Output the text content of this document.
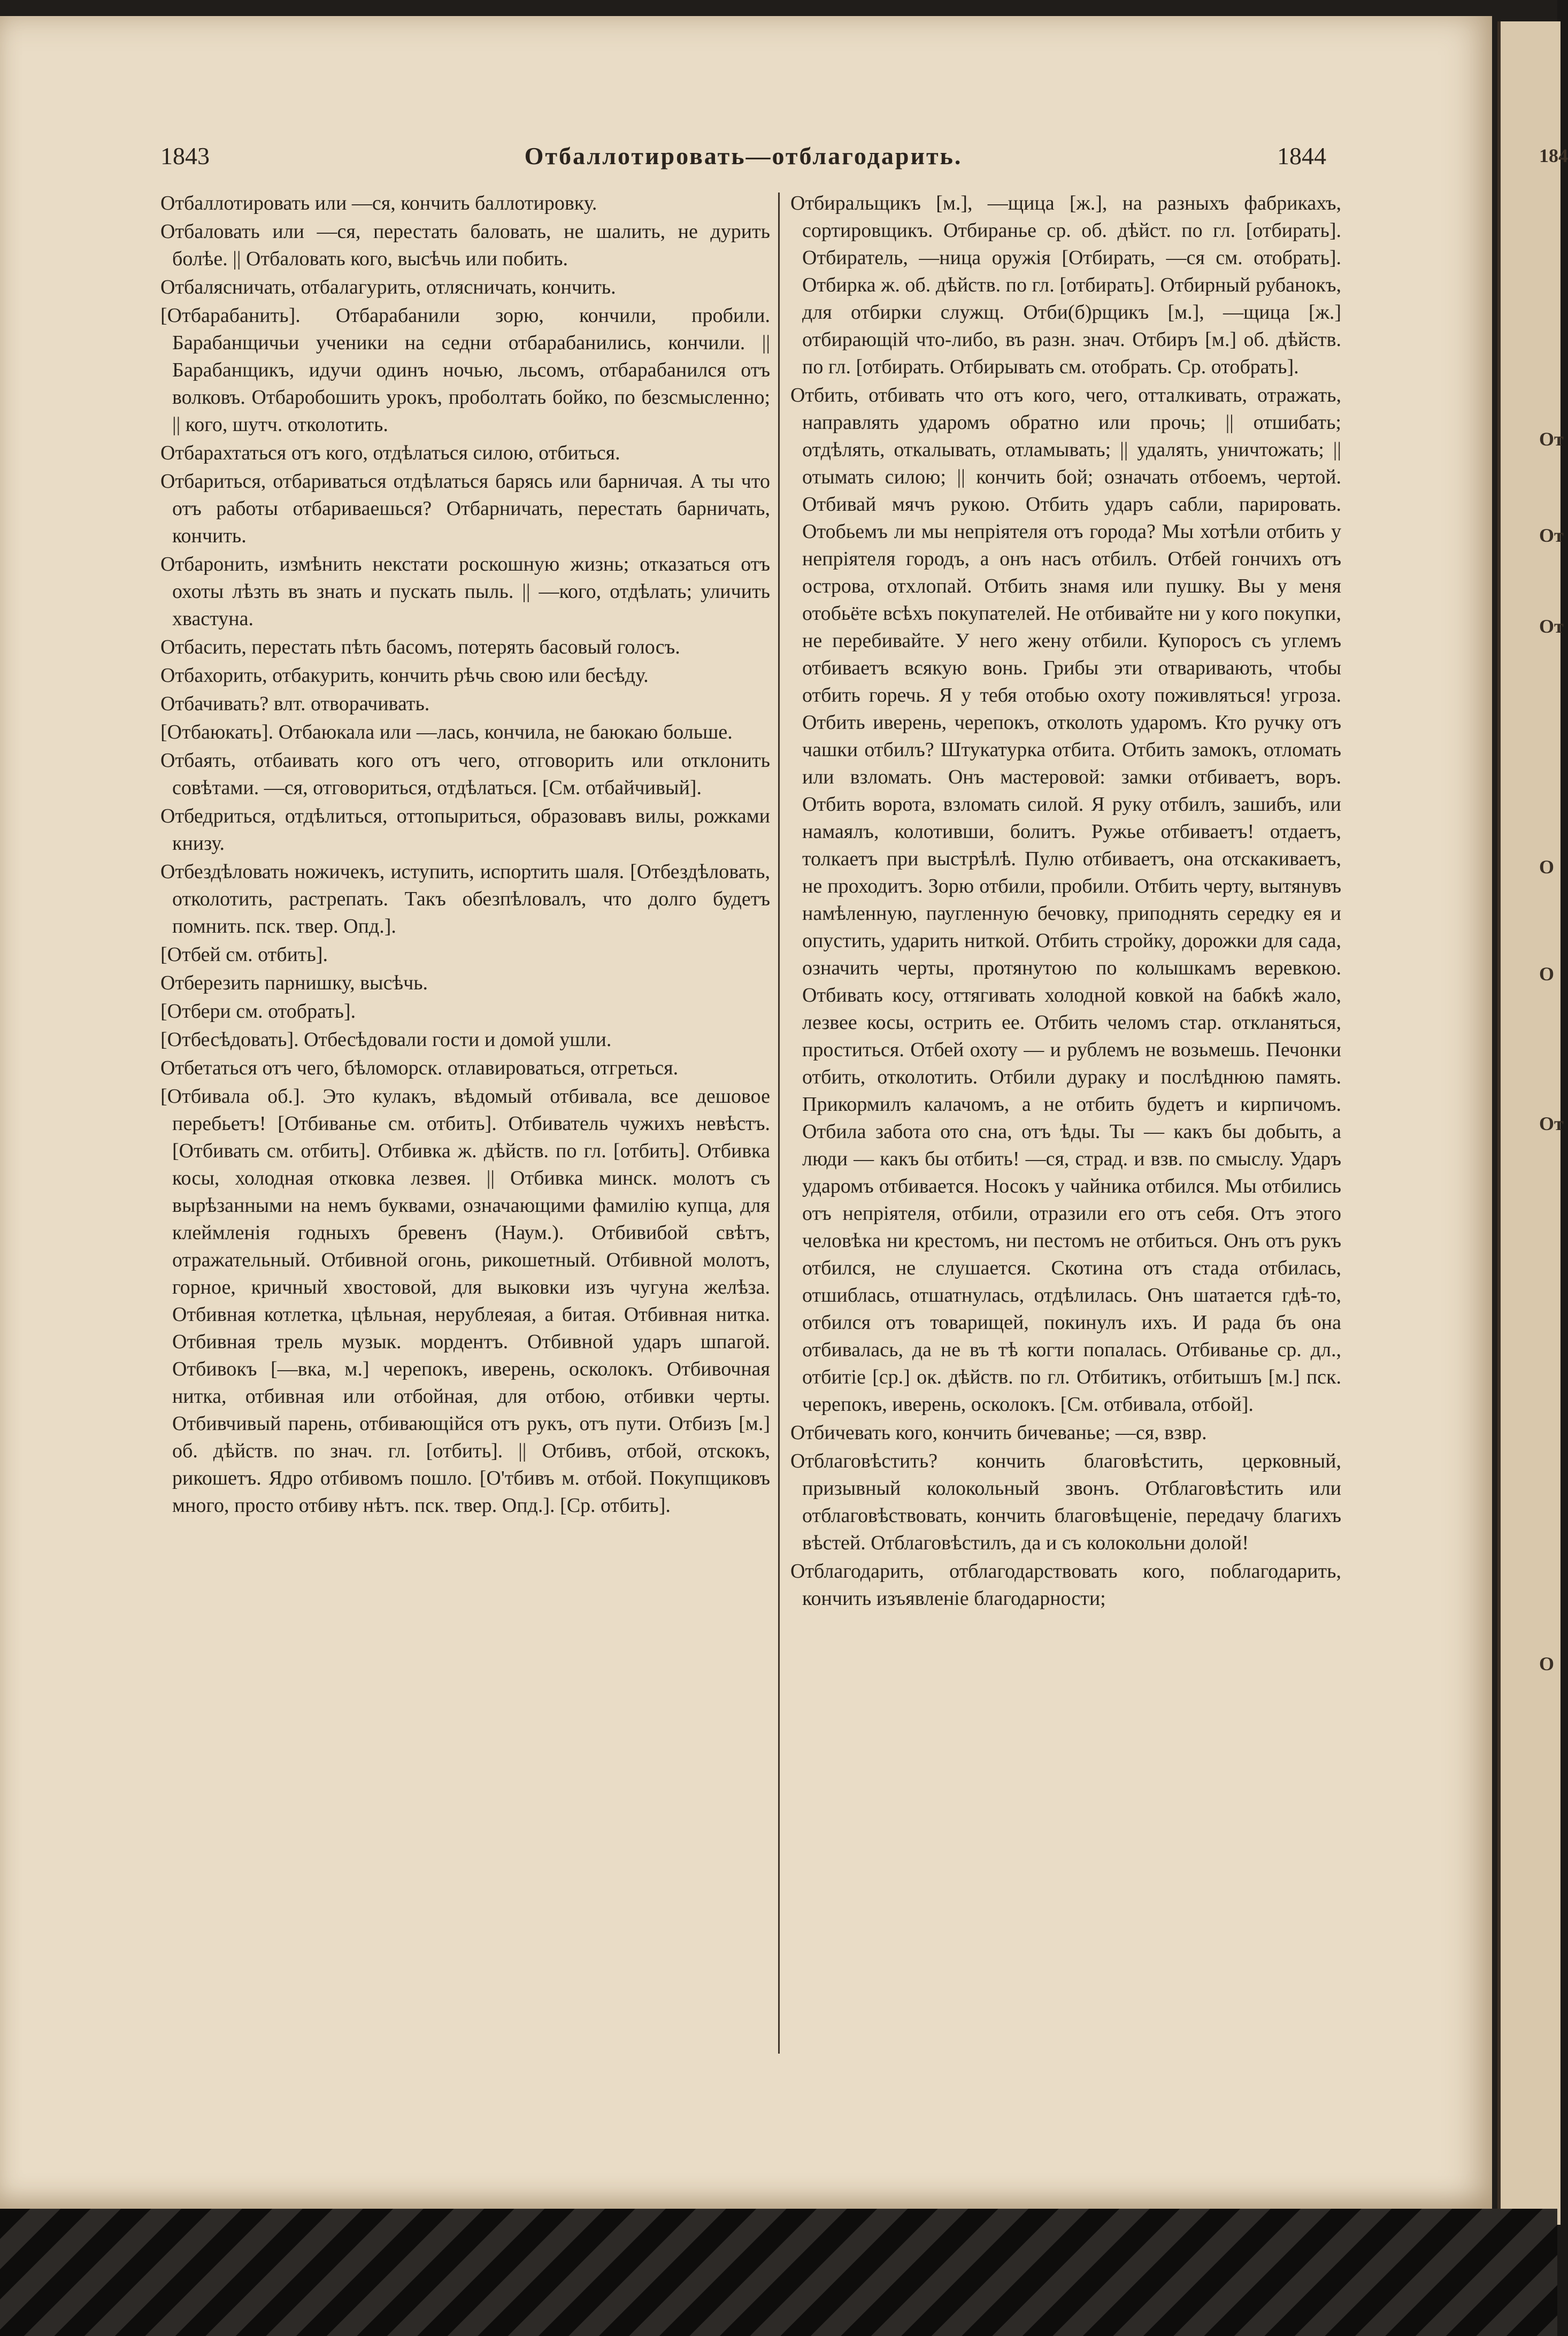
184
От
От
От
О
О
От
О
1843	Отбаллотировать—отблагодарить.	1844

Отбаллотировать или —ся, кончить баллотировку.

Отбаловать или —ся, перестать баловать, не шалить, не дурить болѣе. || Отбаловать кого, высѣчь или побить.

Отбалясничать, отбалагурить, отлясничать, кончить.

[Отбарабанить]. Отбарабанили зорю, кончили, пробили. Барабанщичьи ученики на седни отбарабанились, кончили. || Барабанщикъ, идучи одинъ ночью, льсомъ, отбарабанился отъ волковъ. Отбаробошить урокъ, пробoлтать бойко, по безсмысленно; || кого, шутч. отколотить.

Отбарахтаться отъ кого, отдѣлаться силою, отбиться.

Отбариться, отбариваться отдѣлаться барясь или барничая. А ты что отъ работы отбариваешься? Отбарничать, перестать барничать, кончить.

Отбаронить, измѣнить некстати роскошную жизнь; отказаться отъ охоты лѣзть въ знать и пускать пыль. || —кого, отдѣлать; уличить хвастуна.

Отбасить, перестать пѣть басомъ, потерять басовый голосъ.

Отбахорить, отбакурить, кончить рѣчь свою или бесѣду.

Отбачивать? влт. отворачивать.

[Отбаюкать]. Отбаюкала или —лась, кончила, не баюкаю больше.

Отбаять, отбаивать кого отъ чего, отговорить или отклонить совѣтами. —ся, отговориться, отдѣлаться. [См. отбайчивый].

Отбедриться, отдѣлиться, оттопыриться, образовавъ вилы, рожками книзу.

Отбездѣловать ножичекъ, иступить, испортить шаля. [Отбездѣловать, отколотить, растрепать. Такъ обезпѣловалъ, что долго будетъ помнить. пск. твер. Опд.].

[Отбей см. отбить].

Отберезить парнишку, высѣчь.

[Отбери см. отобрать].

[Отбесѣдовать]. Отбесѣдовали гости и домой ушли.

Отбетаться отъ чего, бѣломорск. отлавироваться, отгреться.

[Отбивала об.]. Это кулакъ, вѣдомый отбивала, все дешовое перебьетъ! [Отбиванье см. отбить]. Отбиватель чужихъ невѣстъ. [Отбивать см. отбить]. Отбивка ж. дѣйств. по гл. [отбить]. Отбивка косы, холодная отковка лезвея. || Отбивка минск. молотъ съ вырѣзанными на немъ буквами, означающими фамилію купца, для клеймленія годныхъ бревенъ (Наум.). Отбивибой свѣтъ, отражательный. Отбивной огонь, рикошетный. Отбивной молотъ, горное, кричный хвостовой, для выковки изъ чугуна желѣза. Отбивная котлетка, цѣльная, нерублеяая, а битая. Отбивная нитка. Отбивная трель музык. мордентъ. Отбивной ударъ шпагой. Отбивокъ [—вка, м.] черепокъ, иверень, осколокъ. Отбивочная нитка, отбивная или отбойная, для отбою, отбивки черты. Отбивчивый парень, отбивающійся отъ рукъ, отъ пути. Отбизъ [м.] об. дѣйств. по знач. гл. [отбить]. || Отбивъ, отбой, отскокъ, рикошетъ. Ядро отбивомъ пошло. [О'тбивъ м. отбой. Покупщиковъ много, просто отбиву нѣтъ. пск. твер. Опд.]. [Ср. отбить].

Отбиральщикъ [м.], —щица [ж.], на разныхъ фабрикахъ, сортировщикъ. Отбиранье ср. об. дѣйст. по гл. [отбирать]. Отбиратель, —ница оружія [Отбирать, —ся см. отобрать]. Отбирка ж. об. дѣйств. по гл. [отбирать]. Отбирный рубанокъ, для отбирки служщ. Отби(б)рщикъ [м.], —щица [ж.] отбирающій что-либо, въ разн. знач. Отбиръ [м.] об. дѣйств. по гл. [отбирать. Отбирывать см. отобрать. Ср. отобрать].

Отбить, отбивать что отъ кого, чего, отталкивать, отражать, направлять ударомъ обратно или прочь; || отшибать; отдѣлять, откалывать, отламывать; || удалять, уничтожать; || отымать силою; || кончить бой; означать отбоемъ, чертой. Отбивай мячъ рукою. Отбить ударъ сабли, парировать. Отобьемъ ли мы непріятеля отъ города? Мы хотѣли отбить у непріятеля городъ, а онъ насъ отбилъ. Отбей гончихъ отъ острова, отхлопай. Отбить знамя или пушку. Вы у меня отобьёте всѣхъ покупателей. Не отбивайте ни у кого покупки, не перебивайте. У него жену отбили. Купоросъ съ углемъ отбиваетъ всякую вонь. Грибы эти отваривають, чтобы отбить горечь. Я у тебя отобью охоту поживляться! угроза. Отбить иверень, черепокъ, отколоть ударомъ. Кто ручку отъ чашки отбилъ? Штукатурка отбита. Отбить замокъ, отломать или взломать. Онъ мастеровой: замки отбиваетъ, воръ. Отбить ворота, взломать силой. Я руку отбилъ, зашибъ, или намаялъ, колотивши, болитъ. Ружье отбиваетъ! отдаетъ, толкаетъ при выстрѣлѣ. Пулю отбиваетъ, она отскакиваетъ, не проходитъ. Зорю отбили, пробили. Отбить черту, вытянувъ намѣленную, паугленную бечовку, приподнять середку ея и опустить, ударить ниткой. Отбить стройку, дорожки для сада, означить черты, протянутою по колышкамъ веревкою. Отбивать косу, оттягивать холодной ковкой на бабкѣ жало, лезвее косы, острить ее. Отбить челомъ стар. откланяться, проститься. Отбей охоту — и рублемъ не возьмешь. Печонки отбить, отколотить. Отбили дураку и послѣднюю память. Прикормилъ калачомъ, а не отбить будетъ и кирпичомъ. Отбила забота ото сна, отъ ѣды. Ты — какъ бы добыть, а люди — какъ бы отбить! —ся, страд. и взв. по смыслу. Ударъ ударомъ отбивается. Носокъ у чайника отбился. Мы отбились отъ непріятеля, отбили, отразили его отъ себя. Отъ этого человѣка ни крестомъ, ни пестомъ не отбиться. Онъ отъ рукъ отбился, не слушается. Скотина отъ стада отбилась, отшиблась, отшатнулась, отдѣлилась. Онъ шатается гдѣ-то, отбился отъ товарищей, покинулъ ихъ. И рада бъ она отбивалась, да не въ тѣ когти попалась. Отбиванье ср. дл., отбитіе [ср.] ок. дѣйств. по гл. Отбитикъ, отбитышъ [м.] пск. черепокъ, иверень, осколокъ. [См. отбивала, отбой].

Отбичевать кого, кончить бичеванье; —ся, взвр.

Отблаговѣстить? кончить благовѣстить, церковный, призывный колокольный звонъ. Отблаговѣстить или отблаговѣствовать, кончить благовѣщеніе, передачу благихъ вѣстей. Отблаговѣстилъ, да и съ колокольни долой!

Отблагодарить, отблагодарствовать кого, поблагодарить, кончить изъявленіе благодарности;
